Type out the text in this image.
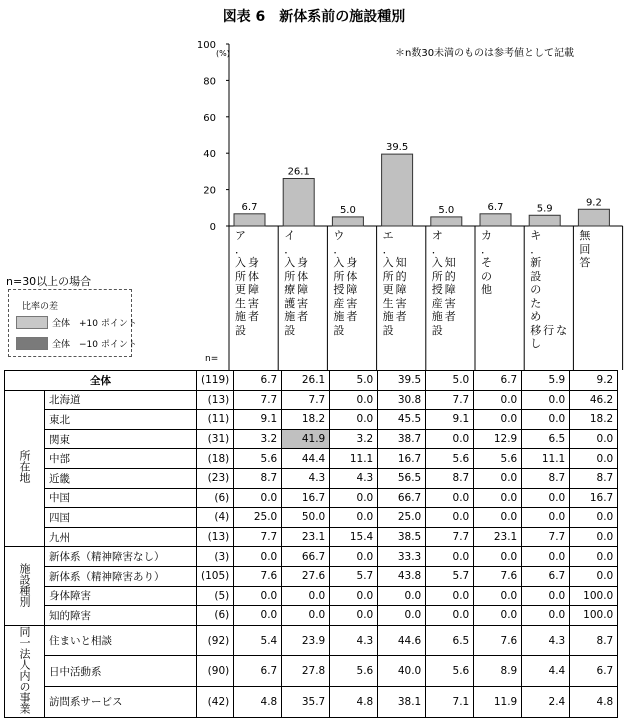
図表 6　新体系前の施設種別
＊n数30未満のものは参考値として記載
0
20
40
60
80
100
(%)
6.7
26.1
5.0
39.5
5.0	6.7	5.9
9.2
n=30以上の場合
比率の差
全体　+10 ポイント
全体　−10 ポイント
n=
全体		(119)	6.7	26.1	5.0	39.5	5.0	6.7	5.9	9.2
所在地	北海道	(13)	7.7	7.7	0.0	30.8	7.7	0.0	0.0	46.2
	東北	(11)	9.1	18.2	0.0	45.5	9.1	0.0	0.0	18.2
	関東	(31)	3.2	41.9	3.2	38.7	0.0	12.9	6.5	0.0
	中部	(18)	5.6	44.4	11.1	16.7	5.6	5.6	11.1	0.0
	近畿	(23)	8.7	4.3	4.3	56.5	8.7	0.0	8.7	8.7
	中国	(6)	0.0	16.7	0.0	66.7	0.0	0.0	0.0	16.7
	四国	(4)	25.0	50.0	0.0	25.0	0.0	0.0	0.0	0.0
	九州	(13)	7.7	23.1	15.4	38.5	7.7	23.1	7.7	0.0
施設種別	新体系（精神障害なし）	(3)	0.0	66.7	0.0	33.3	0.0	0.0	0.0	0.0
	新体系（精神障害あり）	(105)	7.6	27.6	5.7	43.8	5.7	7.6	6.7	0.0
	身体障害	(5)	0.0	0.0	0.0	0.0	0.0	0.0	0.0	100.0
	知的障害	(6)	0.0	0.0	0.0	0.0	0.0	0.0	0.0	100.0
同一法人内の事業	住まいと相談	(92)	5.4	23.9	4.3	44.6	6.5	7.6	4.3	8.7
	日中活動系	(90)	6.7	27.8	5.6	40.0	5.6	8.9	4.4	6.7
	訪問系サービス	(42)	4.8	35.7	4.8	38.1	7.1	11.9	2.4	4.8
ア
．
入身
所体
更障
生害
施者
設
イ
．
入身
所体
療障
護害
施者
設
ウ
．
入身
所体
授障
産害
施者
設
エ
．
入知
所的
更障
生害
施者
設
オ
．
入知
所的
授障
産害
施者
設
カ
．
そ
の
他
キ
．
新
設
の
た
め
移行なし
無
回
答
